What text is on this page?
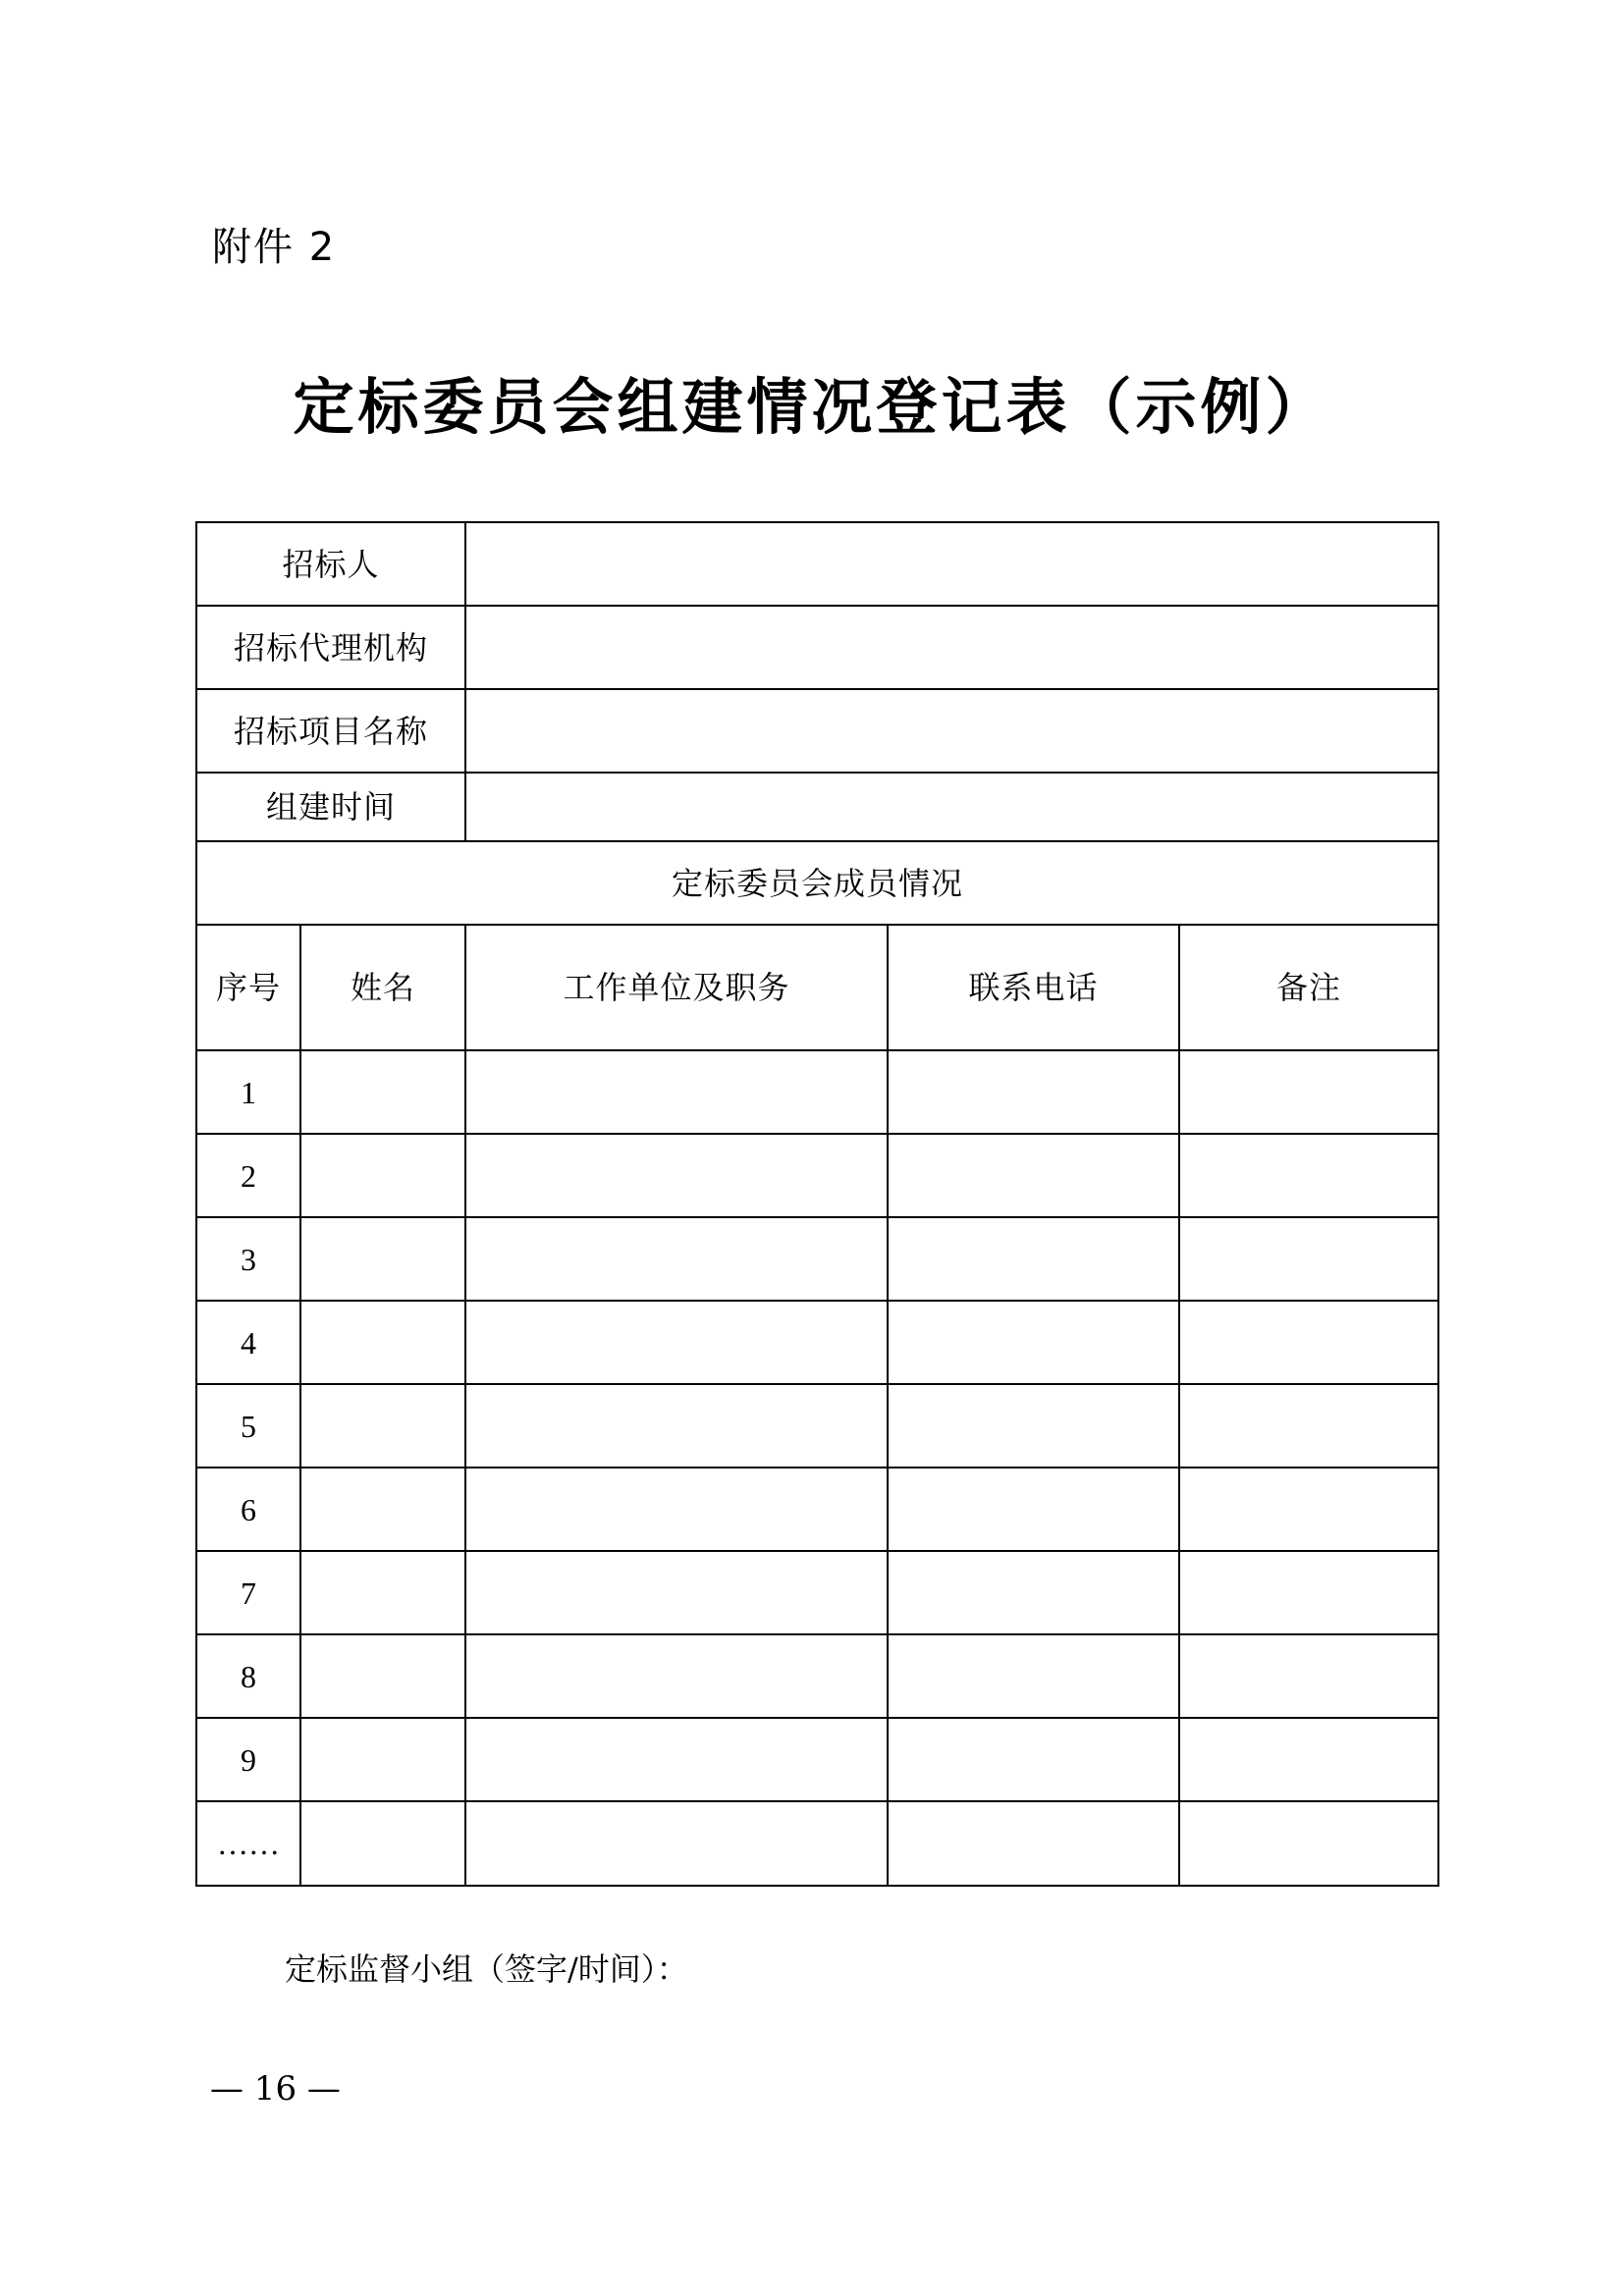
附件 2
定标委员会组建情况登记表（示例）
招标人				
招标代理机构				
招标项目名称				
组建时间				
定标委员会成员情况				
序号	姓名	工作单位及职务	联系电话	备注
1				
2				
3				
4				
5				
6				
7				
8				
9				
……				
定标监督小组（签字/时间）：
— 16 —
